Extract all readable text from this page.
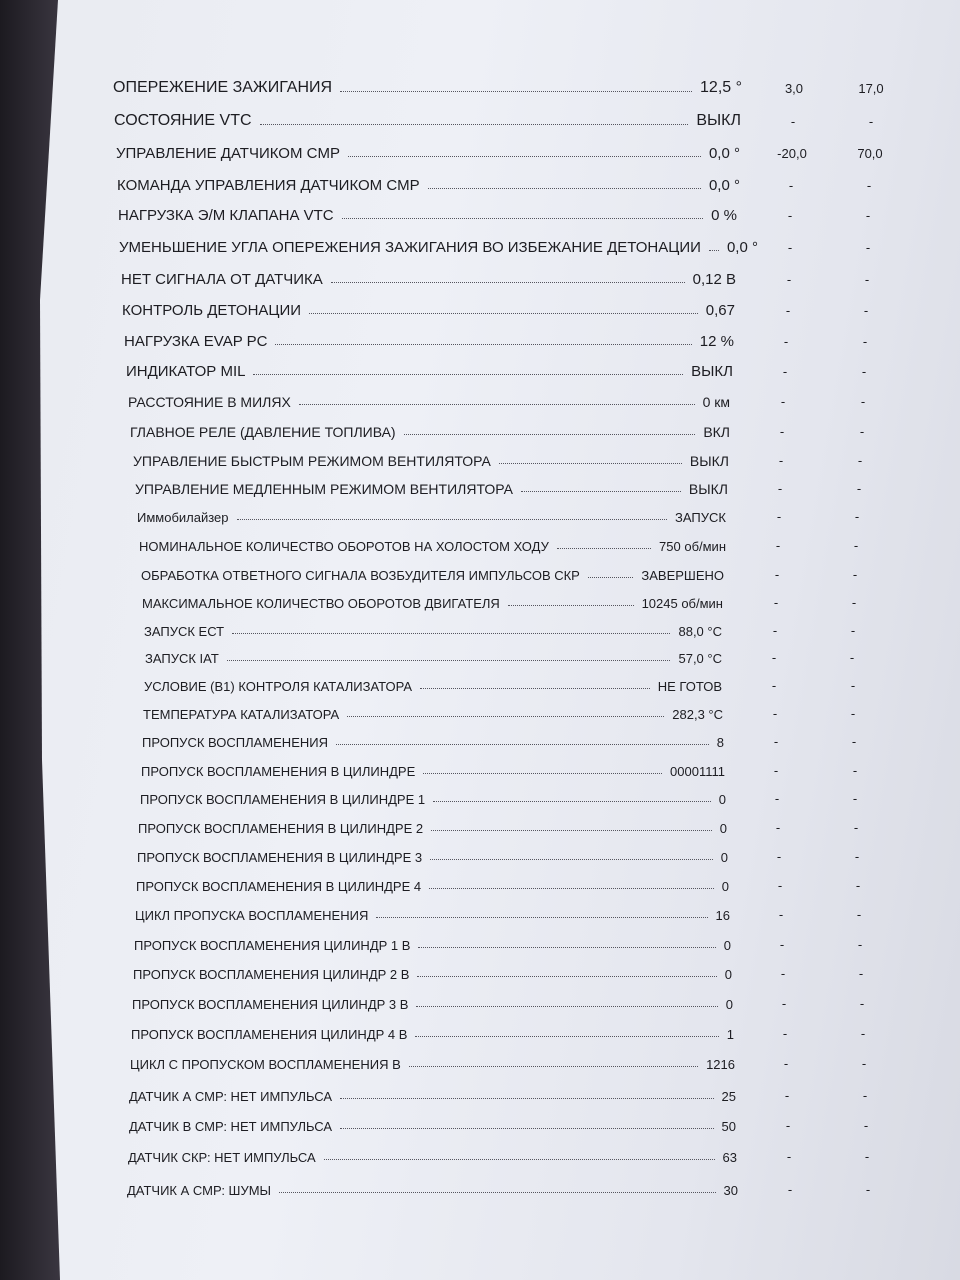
ОПЕРЕЖЕНИЕ ЗАЖИГАНИЯ	12,5 °	3,0	17,0
СОСТОЯНИЕ VTC	ВЫКЛ	-	-
УПРАВЛЕНИЕ ДАТЧИКОМ CMP	0,0 °	-20,0	70,0
КОМАНДА УПРАВЛЕНИЯ ДАТЧИКОМ CMP	0,0 °	-	-
НАГРУЗКА Э/М КЛАПАНА VTC	0 %	-	-
УМЕНЬШЕНИЕ УГЛА ОПЕРЕЖЕНИЯ ЗАЖИГАНИЯ ВО ИЗБЕЖАНИЕ ДЕТОНАЦИИ	0,0 °	-	-
НЕТ СИГНАЛА ОТ ДАТЧИКА	0,12 В	-	-
КОНТРОЛЬ ДЕТОНАЦИИ	0,67	-	-
НАГРУЗКА EVAP PC	12 %	-	-
ИНДИКАТОР MIL	ВЫКЛ	-	-
РАССТОЯНИЕ В МИЛЯХ	0 км	-	-
ГЛАВНОЕ РЕЛЕ (ДАВЛЕНИЕ ТОПЛИВА)	ВКЛ	-	-
УПРАВЛЕНИЕ БЫСТРЫМ РЕЖИМОМ ВЕНТИЛЯТОРА	ВЫКЛ	-	-
УПРАВЛЕНИЕ МЕДЛЕННЫМ РЕЖИМОМ ВЕНТИЛЯТОРА	ВЫКЛ	-	-
Иммобилайзер	ЗАПУСК	-	-
НОМИНАЛЬНОЕ КОЛИЧЕСТВО ОБОРОТОВ НА ХОЛОСТОМ ХОДУ	750 об/мин	-	-
ОБРАБОТКА ОТВЕТНОГО СИГНАЛА ВОЗБУДИТЕЛЯ ИМПУЛЬСОВ СКР	ЗАВЕРШЕНО	-	-
МАКСИМАЛЬНОЕ КОЛИЧЕСТВО ОБОРОТОВ ДВИГАТЕЛЯ	10245 об/мин	-	-
ЗАПУСК ЕСТ	88,0 °С	-	-
ЗАПУСК IAT	57,0 °С	-	-
УСЛОВИЕ (В1) КОНТРОЛЯ КАТАЛИЗАТОРА	НЕ ГОТОВ	-	-
ТЕМПЕРАТУРА КАТАЛИЗАТОРА	282,3 °С	-	-
ПРОПУСК ВОСПЛАМЕНЕНИЯ	8	-	-
ПРОПУСК ВОСПЛАМЕНЕНИЯ В ЦИЛИНДРЕ	00001111	-	-
ПРОПУСК ВОСПЛАМЕНЕНИЯ В ЦИЛИНДРЕ 1	0	-	-
ПРОПУСК ВОСПЛАМЕНЕНИЯ В ЦИЛИНДРЕ 2	0	-	-
ПРОПУСК ВОСПЛАМЕНЕНИЯ В ЦИЛИНДРЕ 3	0	-	-
ПРОПУСК ВОСПЛАМЕНЕНИЯ В ЦИЛИНДРЕ 4	0	-	-
ЦИКЛ ПРОПУСКА ВОСПЛАМЕНЕНИЯ	16	-	-
ПРОПУСК ВОСПЛАМЕНЕНИЯ ЦИЛИНДР 1 В	0	-	-
ПРОПУСК ВОСПЛАМЕНЕНИЯ ЦИЛИНДР 2 В	0	-	-
ПРОПУСК ВОСПЛАМЕНЕНИЯ ЦИЛИНДР 3 В	0	-	-
ПРОПУСК ВОСПЛАМЕНЕНИЯ ЦИЛИНДР 4 В	1	-	-
ЦИКЛ С ПРОПУСКОМ ВОСПЛАМЕНЕНИЯ В	1216	-	-
ДАТЧИК А СМР: НЕТ ИМПУЛЬСА	25	-	-
ДАТЧИК В СМР: НЕТ ИМПУЛЬСА	50	-	-
ДАТЧИК СКР: НЕТ ИМПУЛЬСА	63	-	-
ДАТЧИК А СМР: ШУМЫ	30	-	-
